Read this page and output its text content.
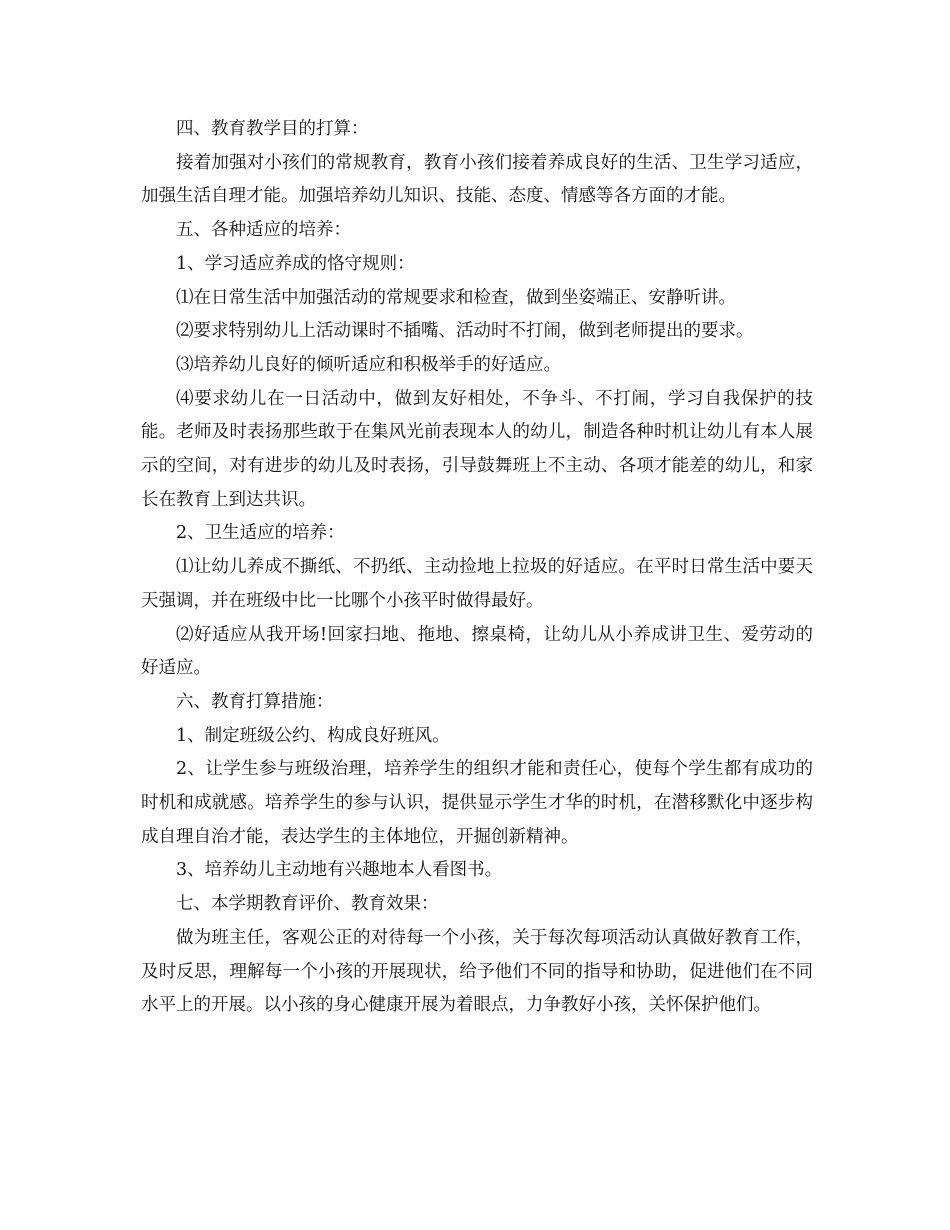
四、教育教学目的打算：

接着加强对小孩们的常规教育，教育小孩们接着养成良好的生活、卫生学习适应，加强生活自理才能。加强培养幼儿知识、技能、态度、情感等各方面的才能。

五、各种适应的培养：

1、学习适应养成的恪守规则：

⑴在日常生活中加强活动的常规要求和检查，做到坐姿端正、安静听讲。

⑵要求特别幼儿上活动课时不插嘴、活动时不打闹，做到老师提出的要求。

⑶培养幼儿良好的倾听适应和积极举手的好适应。

⑷要求幼儿在一日活动中，做到友好相处，不争斗、不打闹，学习自我保护的技能。老师及时表扬那些敢于在集风光前表现本人的幼儿，制造各种时机让幼儿有本人展示的空间，对有进步的幼儿及时表扬，引导鼓舞班上不主动、各项才能差的幼儿，和家长在教育上到达共识。

2、卫生适应的培养：

⑴让幼儿养成不撕纸、不扔纸、主动捡地上拉圾的好适应。在平时日常生活中要天天强调，并在班级中比一比哪个小孩平时做得最好。

⑵好适应从我开场!回家扫地、拖地、擦桌椅，让幼儿从小养成讲卫生、爱劳动的好适应。

六、教育打算措施：

1、制定班级公约、构成良好班风。

2、让学生参与班级治理，培养学生的组织才能和责任心，使每个学生都有成功的时机和成就感。培养学生的参与认识，提供显示学生才华的时机，在潜移默化中逐步构成自理自治才能，表达学生的主体地位，开掘创新精神。

3、培养幼儿主动地有兴趣地本人看图书。

七、本学期教育评价、教育效果：

做为班主任，客观公正的对待每一个小孩，关于每次每项活动认真做好教育工作，及时反思，理解每一个小孩的开展现状，给予他们不同的指导和协助，促进他们在不同水平上的开展。以小孩的身心健康开展为着眼点，力争教好小孩，关怀保护他们。
